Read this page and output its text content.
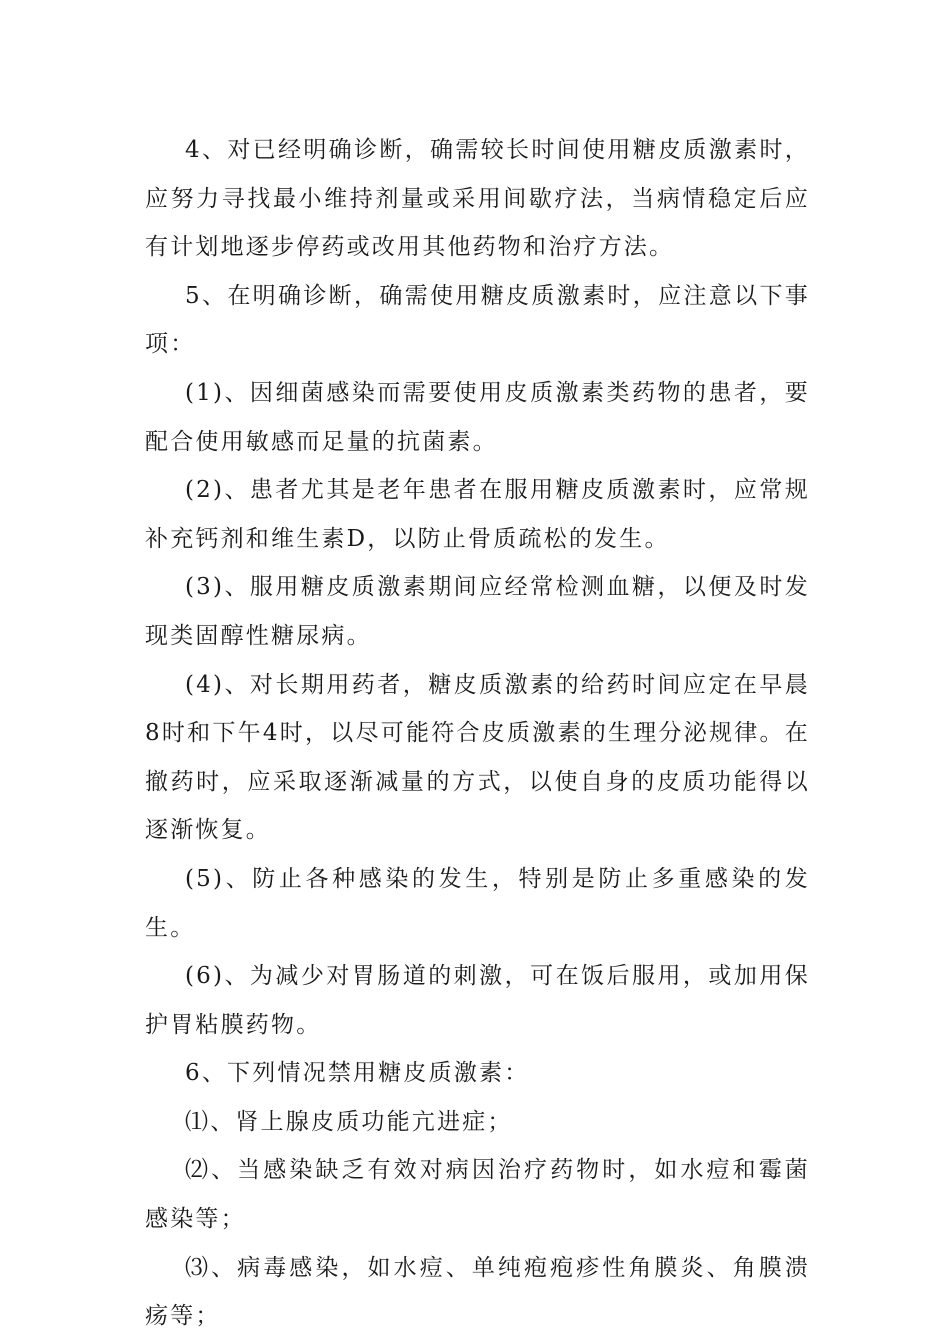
4、对已经明确诊断，确需较长时间使用糖皮质激素时，应努力寻找最小维持剂量或采用间歇疗法，当病情稳定后应有计划地逐步停药或改用其他药物和治疗方法。

5、在明确诊断，确需使用糖皮质激素时，应注意以下事项：

(1)、因细菌感染而需要使用皮质激素类药物的患者，要配合使用敏感而足量的抗菌素。

(2)、患者尤其是老年患者在服用糖皮质激素时，应常规补充钙剂和维生素D，以防止骨质疏松的发生。

(3)、服用糖皮质激素期间应经常检测血糖，以便及时发现类固醇性糖尿病。

(4)、对长期用药者，糖皮质激素的给药时间应定在早晨8时和下午4时，以尽可能符合皮质激素的生理分泌规律。在撤药时，应采取逐渐减量的方式，以使自身的皮质功能得以逐渐恢复。

(5)、防止各种感染的发生，特别是防止多重感染的发生。

(6)、为减少对胃肠道的刺激，可在饭后服用，或加用保护胃粘膜药物。

6、下列情况禁用糖皮质激素：

⑴、肾上腺皮质功能亢进症；

⑵、当感染缺乏有效对病因治疗药物时，如水痘和霉菌感染等；

⑶、病毒感染，如水痘、单纯疱疱疹性角膜炎、角膜溃疡等；
